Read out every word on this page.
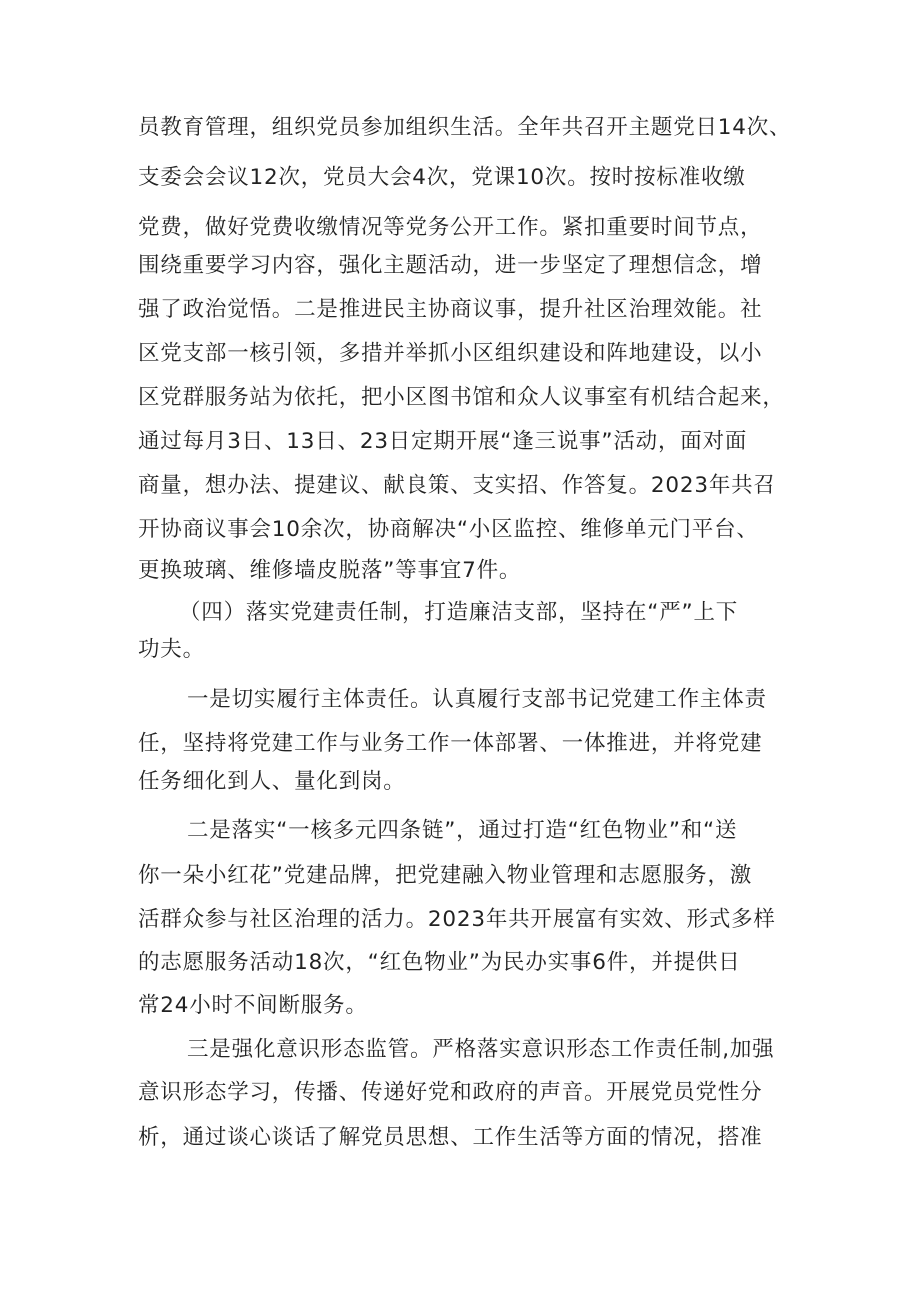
员教育管理，组织党员参加组织生活。全年共召开主题党日14次、
支委会会议12次，党员大会4次，党课10次。按时按标准收缴
党费，做好党费收缴情况等党务公开工作。紧扣重要时间节点，
围绕重要学习内容，强化主题活动，进一步坚定了理想信念，增
强了政治觉悟。二是推进民主协商议事，提升社区治理效能。社
区党支部一核引领，多措并举抓小区组织建设和阵地建设，以小
区党群服务站为依托，把小区图书馆和众人议事室有机结合起来，
通过每月3日、13日、23日定期开展“逢三说事”活动，面对面
商量，想办法、提建议、献良策、支实招、作答复。2023年共召
开协商议事会10余次，协商解决“小区监控、维修单元门平台、
更换玻璃、维修墙皮脱落”等事宜7件。
（四）落实党建责任制，打造廉洁支部，坚持在“严”上下
功夫。
一是切实履行主体责任。认真履行支部书记党建工作主体责
任，坚持将党建工作与业务工作一体部署、一体推进，并将党建
任务细化到人、量化到岗。
二是落实“一核多元四条链”，通过打造“红色物业”和“送
你一朵小红花”党建品牌，把党建融入物业管理和志愿服务，激
活群众参与社区治理的活力。2023年共开展富有实效、形式多样
的志愿服务活动18次，“红色物业”为民办实事6件，并提供日
常24小时不间断服务。
三是强化意识形态监管。严格落实意识形态工作责任制,加强
意识形态学习，传播、传递好党和政府的声音。开展党员党性分
析，通过谈心谈话了解党员思想、工作生活等方面的情况，搭准
